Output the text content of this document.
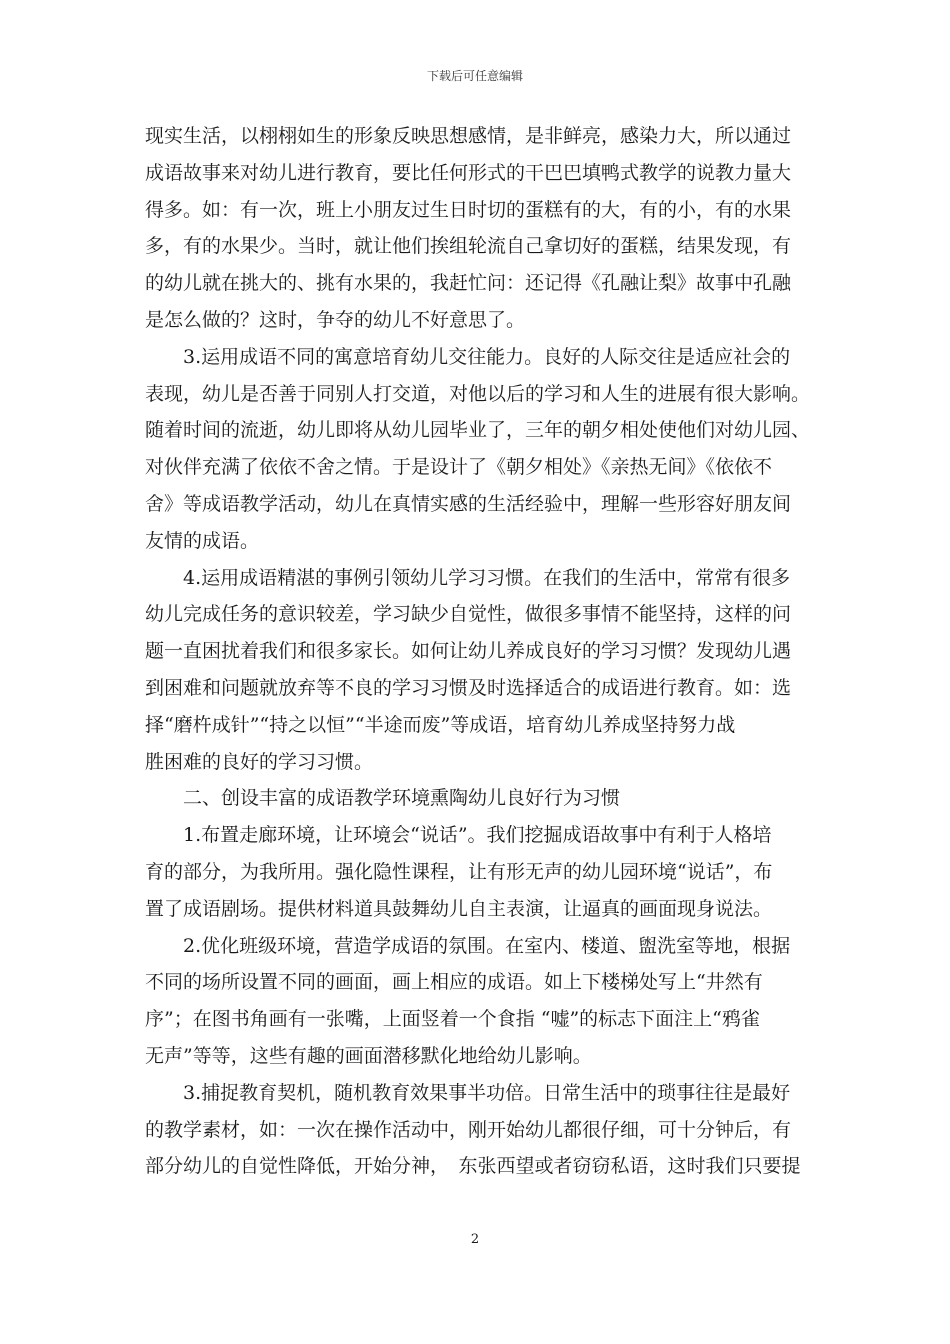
下载后可任意编辑
现实生活，以栩栩如生的形象反映思想感情，是非鲜亮，感染力大，所以通过
成语故事来对幼儿进行教育，要比任何形式的干巴巴填鸭式教学的说教力量大
得多。如：有一次，班上小朋友过生日时切的蛋糕有的大，有的小，有的水果
多，有的水果少。当时，就让他们挨组轮流自己拿切好的蛋糕，结果发现，有
的幼儿就在挑大的、挑有水果的，我赶忙问：还记得《孔融让梨》故事中孔融
是怎么做的？这时，争夺的幼儿不好意思了。
　　3.运用成语不同的寓意培育幼儿交往能力。良好的人际交往是适应社会的
表现，幼儿是否善于同别人打交道，对他以后的学习和人生的进展有很大影响。
随着时间的流逝，幼儿即将从幼儿园毕业了，三年的朝夕相处使他们对幼儿园、
对伙伴充满了依依不舍之情。于是设计了《朝夕相处》《亲热无间》《依依不
舍》等成语教学活动，幼儿在真情实感的生活经验中，理解一些形容好朋友间
友情的成语。
　　4.运用成语精湛的事例引领幼儿学习习惯。在我们的生活中，常常有很多
幼儿完成任务的意识较差，学习缺少自觉性，做很多事情不能坚持，这样的问
题一直困扰着我们和很多家长。如何让幼儿养成良好的学习习惯？发现幼儿遇
到困难和问题就放弃等不良的学习习惯及时选择适合的成语进行教育。如：选
择“磨杵成针”“持之以恒”“半途而废”等成语，培育幼儿养成坚持努力战
胜困难的良好的学习习惯。
　　二、创设丰富的成语教学环境熏陶幼儿良好行为习惯
　　1.布置走廊环境，让环境会“说话”。我们挖掘成语故事中有利于人格培
育的部分，为我所用。强化隐性课程，让有形无声的幼儿园环境“说话”，布
置了成语剧场。提供材料道具鼓舞幼儿自主表演，让逼真的画面现身说法。
　　2.优化班级环境，营造学成语的氛围。在室内、楼道、盥洗室等地，根据
不同的场所设置不同的画面，画上相应的成语。如上下楼梯处写上“井然有
序”；在图书角画有一张嘴，上面竖着一个食指 “嘘”的标志下面注上“鸦雀
无声”等等，这些有趣的画面潜移默化地给幼儿影响。
　　3.捕捉教育契机，随机教育效果事半功倍。日常生活中的琐事往往是最好
的教学素材，如：一次在操作活动中，刚开始幼儿都很仔细，可十分钟后，有
部分幼儿的自觉性降低，开始分神，　东张西望或者窃窃私语，这时我们只要提
2
